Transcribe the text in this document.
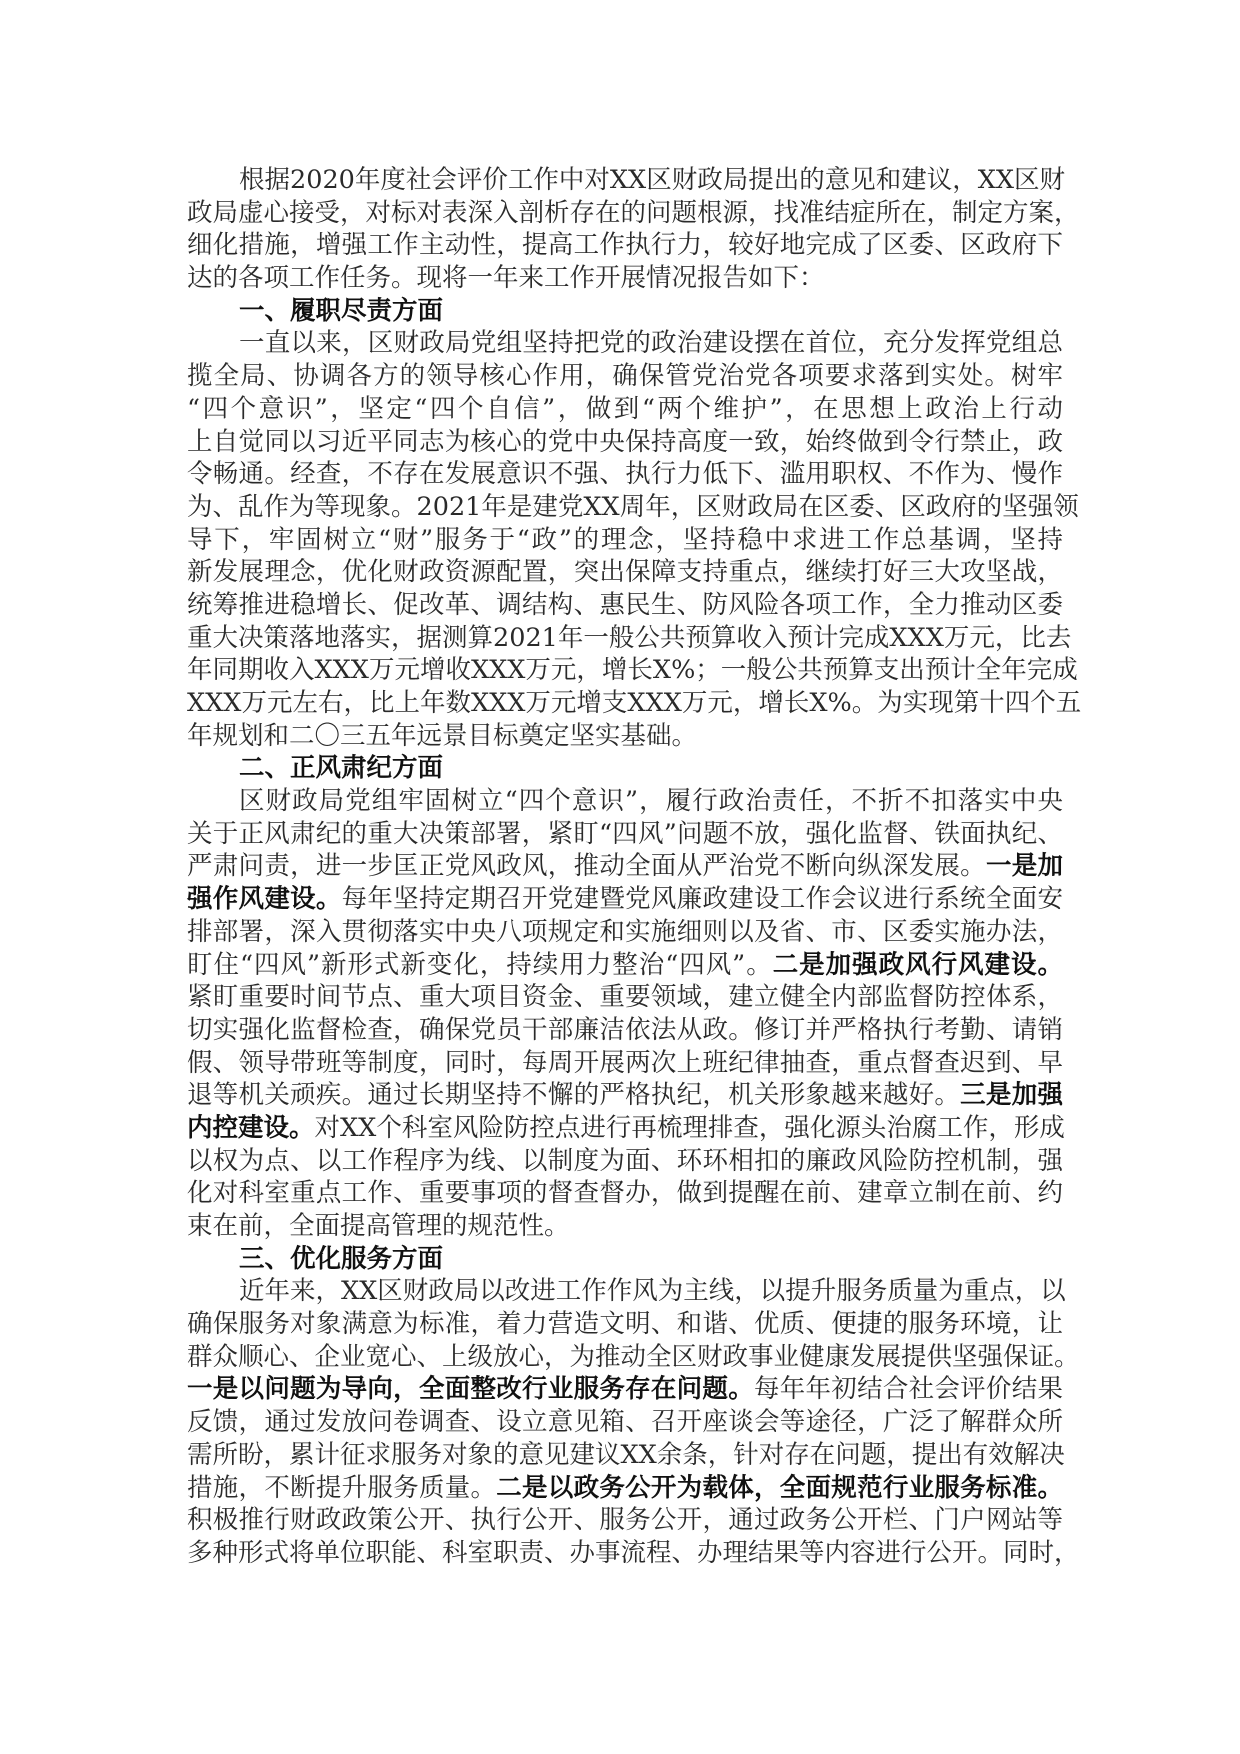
根据2020年度社会评价工作中对XX区财政局提出的意见和建议，XX区财
政局虚心接受，对标对表深入剖析存在的问题根源，找准结症所在，制定方案，
细化措施，增强工作主动性，提高工作执行力，较好地完成了区委、区政府下
达的各项工作任务。现将一年来工作开展情况报告如下：
一、履职尽责方面
一直以来，区财政局党组坚持把党的政治建设摆在首位，充分发挥党组总
揽全局、协调各方的领导核心作用，确保管党治党各项要求落到实处。树牢
“四个意识”，坚定“四个自信”，做到“两个维护”，在思想上政治上行动
上自觉同以习近平同志为核心的党中央保持高度一致，始终做到令行禁止，政
令畅通。经查，不存在发展意识不强、执行力低下、滥用职权、不作为、慢作
为、乱作为等现象。2021年是建党XX周年，区财政局在区委、区政府的坚强领
导下，牢固树立“财”服务于“政”的理念，坚持稳中求进工作总基调，坚持
新发展理念，优化财政资源配置，突出保障支持重点，继续打好三大攻坚战，
统筹推进稳增长、促改革、调结构、惠民生、防风险各项工作，全力推动区委
重大决策落地落实，据测算2021年一般公共预算收入预计完成XXX万元，比去
年同期收入XXX万元增收XXX万元，增长X%；一般公共预算支出预计全年完成
XXX万元左右，比上年数XXX万元增支XXX万元，增长X%。为实现第十四个五
年规划和二〇三五年远景目标奠定坚实基础。
二、正风肃纪方面
区财政局党组牢固树立“四个意识”，履行政治责任，不折不扣落实中央
关于正风肃纪的重大决策部署，紧盯“四风”问题不放，强化监督、铁面执纪、
严肃问责，进一步匡正党风政风，推动全面从严治党不断向纵深发展。一是加
强作风建设。每年坚持定期召开党建暨党风廉政建设工作会议进行系统全面安
排部署，深入贯彻落实中央八项规定和实施细则以及省、市、区委实施办法，
盯住“四风”新形式新变化，持续用力整治“四风”。二是加强政风行风建设。
紧盯重要时间节点、重大项目资金、重要领域，建立健全内部监督防控体系，
切实强化监督检查，确保党员干部廉洁依法从政。修订并严格执行考勤、请销
假、领导带班等制度，同时，每周开展两次上班纪律抽查，重点督查迟到、早
退等机关顽疾。通过长期坚持不懈的严格执纪，机关形象越来越好。三是加强
内控建设。对XX个科室风险防控点进行再梳理排查，强化源头治腐工作，形成
以权为点、以工作程序为线、以制度为面、环环相扣的廉政风险防控机制，强
化对科室重点工作、重要事项的督查督办，做到提醒在前、建章立制在前、约
束在前，全面提高管理的规范性。
三、优化服务方面
近年来，XX区财政局以改进工作作风为主线，以提升服务质量为重点，以
确保服务对象满意为标准，着力营造文明、和谐、优质、便捷的服务环境，让
群众顺心、企业宽心、上级放心，为推动全区财政事业健康发展提供坚强保证。
一是以问题为导向，全面整改行业服务存在问题。每年年初结合社会评价结果
反馈，通过发放问卷调查、设立意见箱、召开座谈会等途径，广泛了解群众所
需所盼，累计征求服务对象的意见建议XX余条，针对存在问题，提出有效解决
措施，不断提升服务质量。二是以政务公开为载体，全面规范行业服务标准。
积极推行财政政策公开、执行公开、服务公开，通过政务公开栏、门户网站等
多种形式将单位职能、科室职责、办事流程、办理结果等内容进行公开。同时，
